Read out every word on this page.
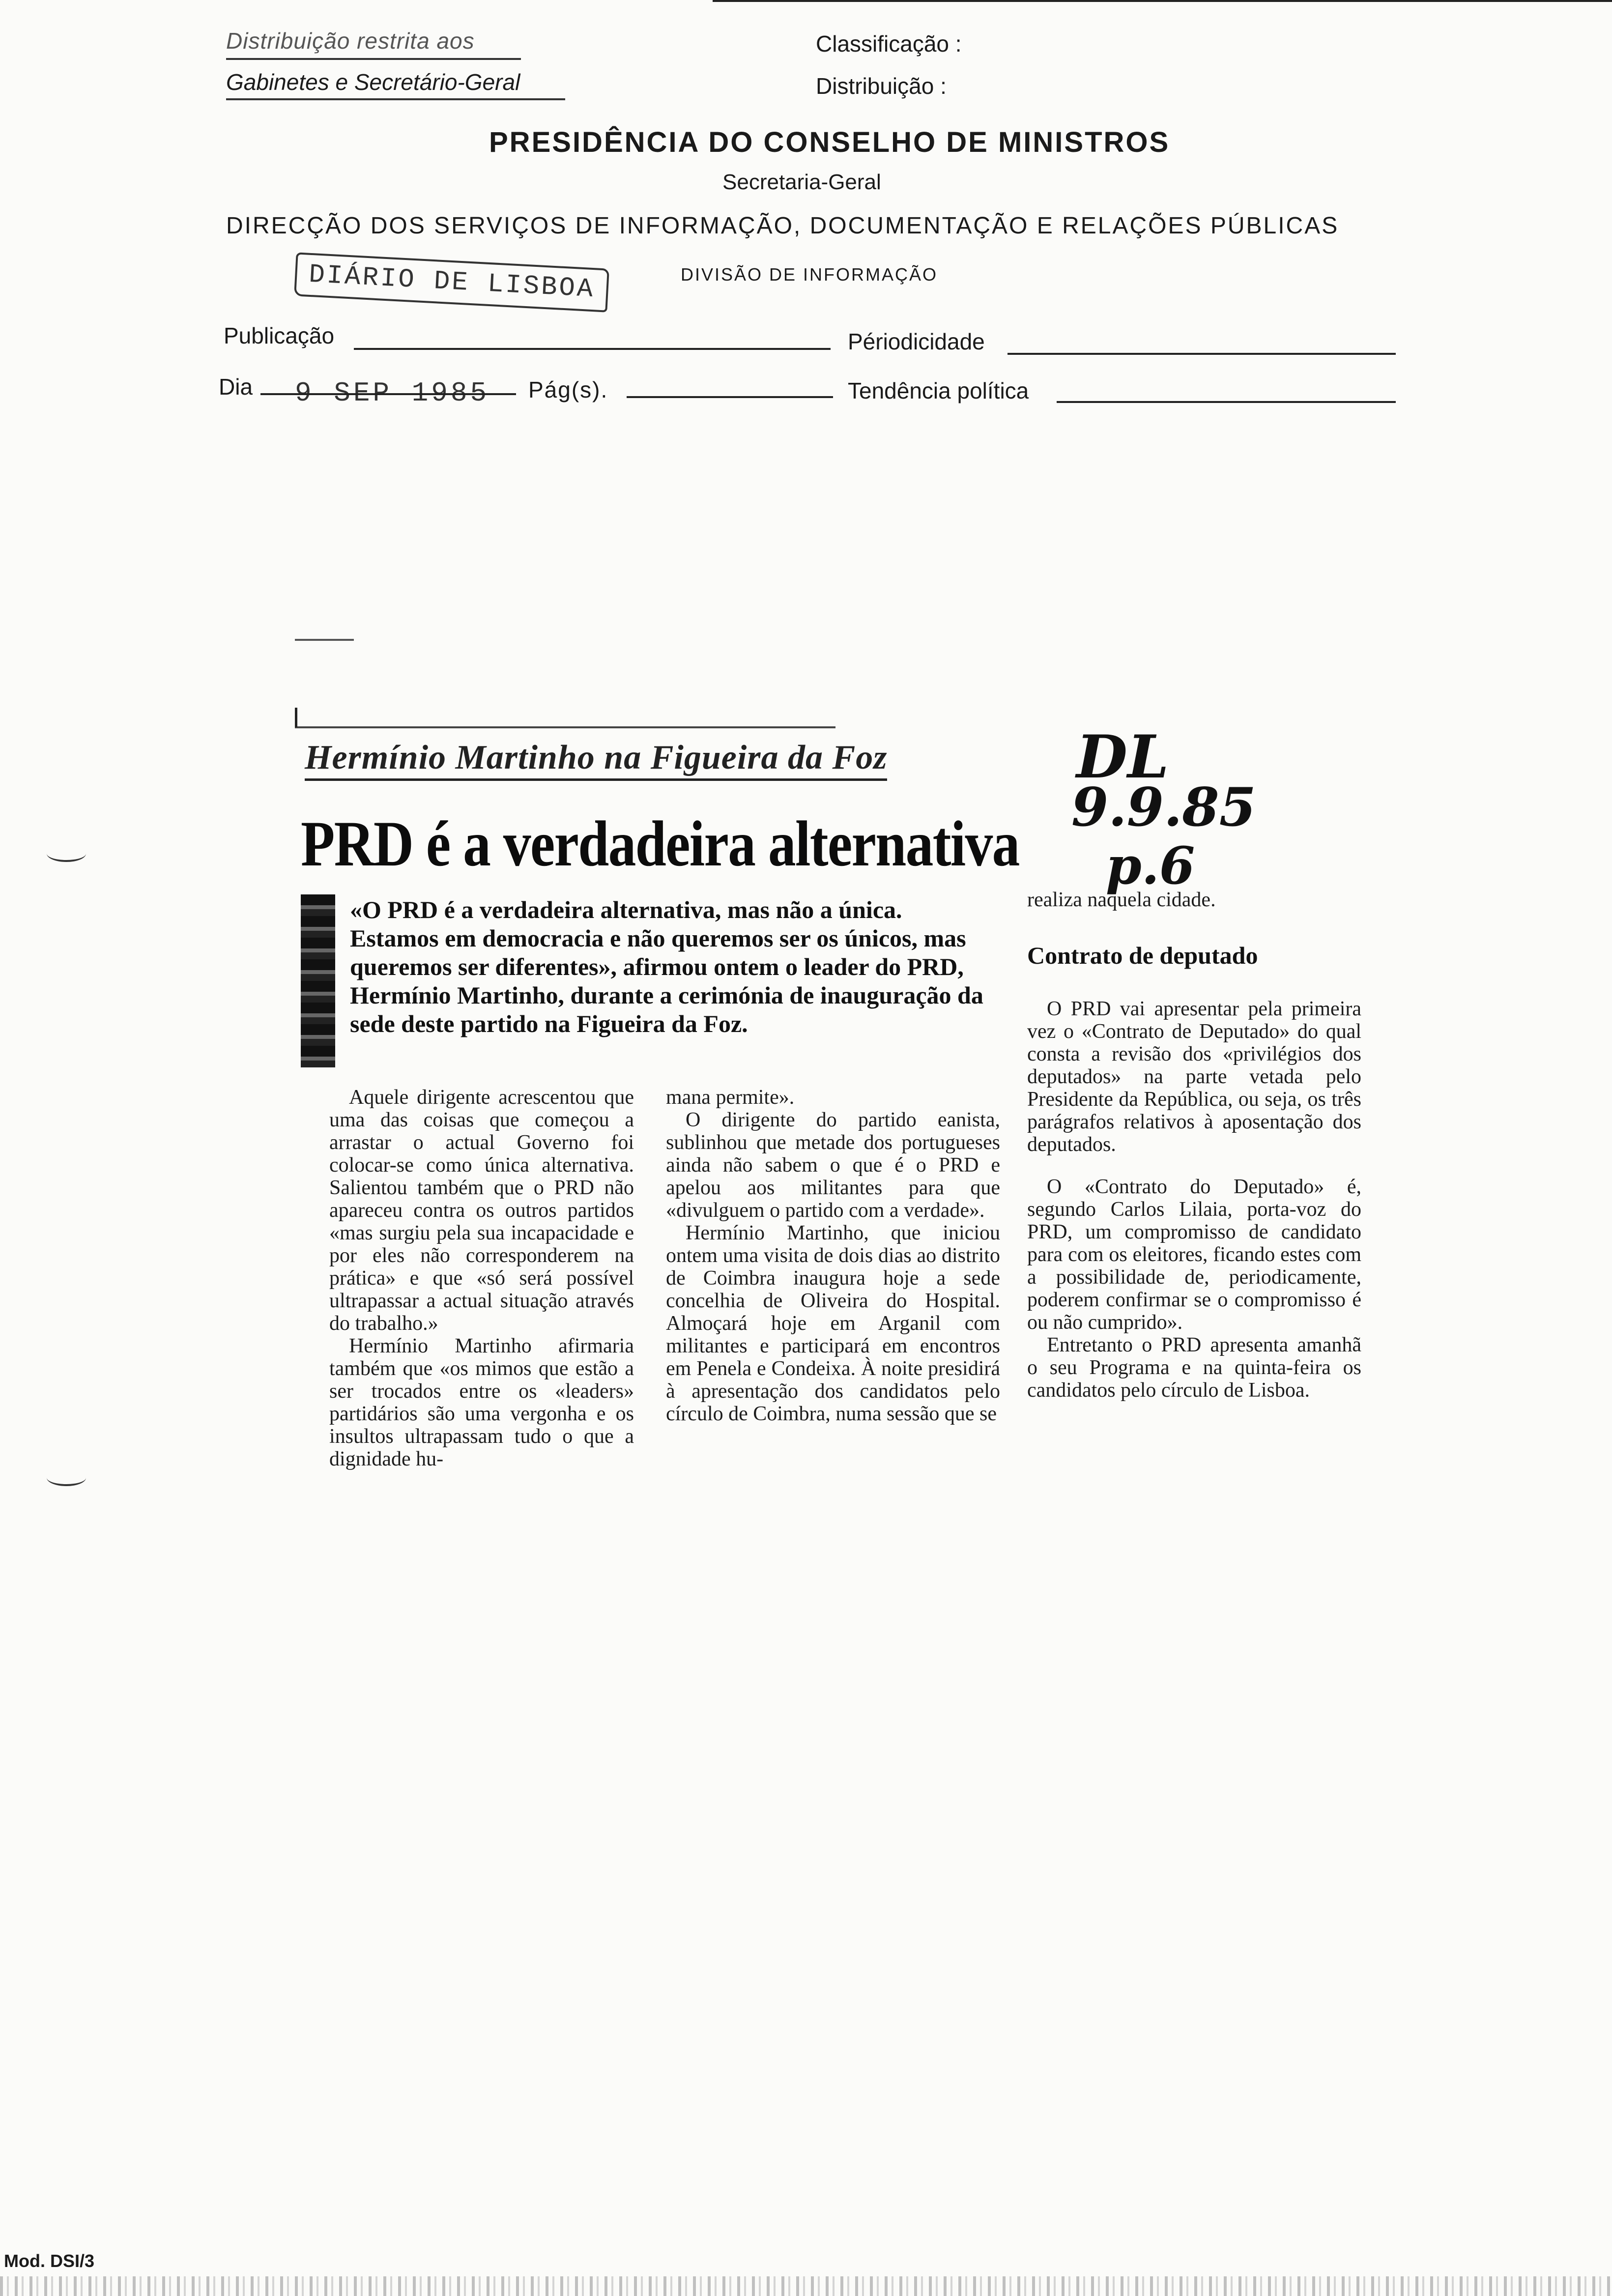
Distribuição restrita aos
Gabinetes e Secretário-Geral
Classificação :
Distribuição :
PRESIDÊNCIA DO CONSELHO DE MINISTROS
Secretaria-Geral
DIRECÇÃO DOS SERVIÇOS DE INFORMAÇÃO, DOCUMENTAÇÃO E RELAÇÕES PÚBLICAS
DIÁRIO DE LISBOA	DIVISÃO DE INFORMAÇÃO
Publicação	Périodicidade
Dia 9 SEP 1985 Pág(s).	Tendência política
Hermínio Martinho na Figueira da Foz
PRD é a verdadeira alternativa
DL
9.9.85
p.6
«O PRD é a verdadeira alternativa, mas não a única. Estamos em democracia e não queremos ser os únicos, mas queremos ser diferentes», afirmou ontem o leader do PRD, Hermínio Martinho, durante a cerimónia de inauguração da sede deste partido na Figueira da Foz.

Aquele dirigente acrescentou que uma das coisas que começou a arrastar o actual Governo foi colocar-se como única alternativa. Salientou também que o PRD não apareceu contra os outros partidos «mas surgiu pela sua incapacidade e por eles não corresponderem na prática» e que «só será possível ultrapassar a actual situação através do trabalho.»

Hermínio Martinho afirmaria também que «os mimos que estão a ser trocados entre os «leaders» partidários são uma vergonha e os insultos ultrapassam tudo o que a dignidade hu-

mana permite».

O dirigente do partido eanista, sublinhou que metade dos portugueses ainda não sabem o que é o PRD e apelou aos militantes para que «divulguem o partido com a verdade».

Hermínio Martinho, que iniciou ontem uma visita de dois dias ao distrito de Coimbra inaugura hoje a sede concelhia de Oliveira do Hospital. Almoçará hoje em Arganil com militantes e participará em encontros em Penela e Condeixa. À noite presidirá à apresentação dos candidatos pelo círculo de Coimbra, numa sessão que se

realiza naquela cidade.

Contrato de deputado

O PRD vai apresentar pela primeira vez o «Contrato de Deputado» do qual consta a revisão dos «privilégios dos deputados» na parte vetada pelo Presidente da República, ou seja, os três parágrafos relativos à aposentação dos deputados.

O «Contrato do Deputado» é, segundo Carlos Lilaia, porta-voz do PRD, um compromisso de candidato para com os eleitores, ficando estes com a possibilidade de, periodicamente, poderem confirmar se o compromisso é ou não cumprido».

Entretanto o PRD apresenta amanhã o seu Programa e na quinta-feira os candidatos pelo círculo de Lisboa.

Mod. DSI/3
